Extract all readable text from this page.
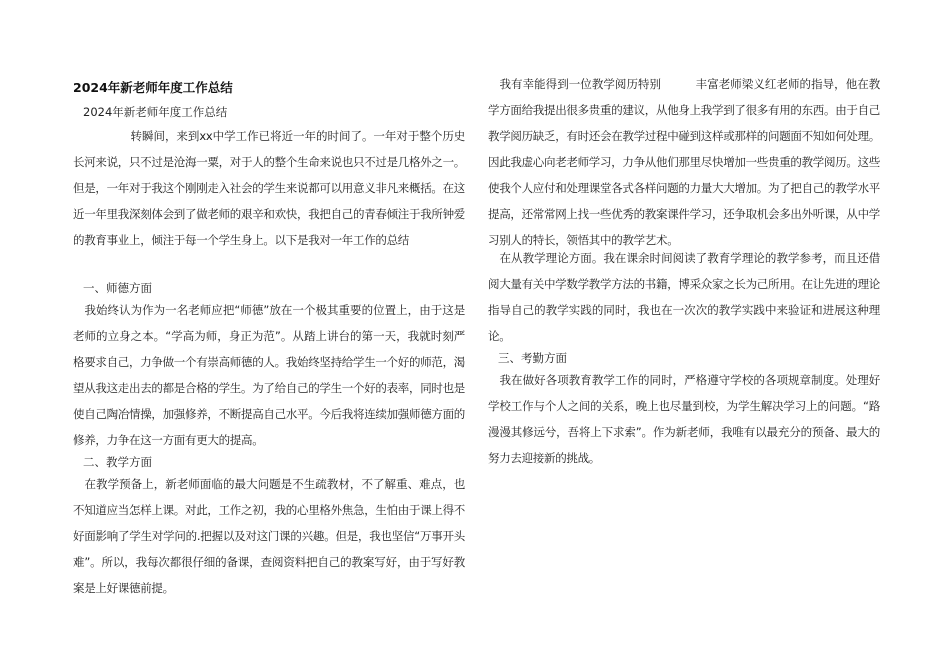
2024年新老师年度工作总结
2024年新老师年度工作总结

转瞬间，来到xx中学工作已将近一年的时间了。一年对于整个历史长河来说，只不过是沧海一粟，对于人的整个生命来说也只不过是几格外之一。但是，一年对于我这个刚刚走入社会的学生来说都可以用意义非凡来概括。在这近一年里我深刻体会到了做老师的艰辛和欢快，我把自己的青春倾注于我所钟爱的教育事业上，倾注于每一个学生身上。以下是我对一年工作的总结

一、师德方面

我始终认为作为一名老师应把“师德”放在一个极其重要的位置上，由于这是老师的立身之本。“学高为师，身正为范”。从踏上讲台的第一天，我就时刻严格要求自己，力争做一个有崇高师德的人。我始终坚持给学生一个好的师范，渴望从我这走出去的都是合格的学生。为了给自己的学生一个好的表率，同时也是使自己陶冶情操，加强修养，不断提高自己水平。今后我将连续加强师德方面的修养，力争在这一方面有更大的提高。

二、教学方面

在教学预备上，新老师面临的最大问题是不生疏教材，不了解重、难点，也不知道应当怎样上课。对此，工作之初，我的心里格外焦急，生怕由于课上得不好面影响了学生对学问的.把握以及对这门课的兴趣。但是，我也坚信“万事开头难”。所以，我每次都很仔细的备课，查阅资料把自己的教案写好，由于写好教案是上好课德前提。

我有幸能得到一位教学阅历特别　　　丰富老师梁义红老师的指导，他在教学方面给我提出很多贵重的建议，从他身上我学到了很多有用的东西。由于自己教学阅历缺乏，有时还会在教学过程中碰到这样或那样的问题面不知如何处理。因此我虚心向老老师学习，力争从他们那里尽快增加一些贵重的教学阅历。这些使我个人应付和处理课堂各式各样问题的力量大大增加。为了把自己的教学水平提高，还常常网上找一些优秀的教案课件学习，还争取机会多出外听课，从中学习别人的特长，领悟其中的教学艺术。

在从教学理论方面。我在课余时间阅读了教育学理论的教学参考，而且还借阅大量有关中学数学教学方法的书籍，博采众家之长为己所用。在让先进的理论指导自己的教学实践的同时，我也在一次次的教学实践中来验证和进展这种理论。

三、考勤方面

我在做好各项教育教学工作的同时，严格遵守学校的各项规章制度。处理好学校工作与个人之间的关系，晚上也尽量到校，为学生解决学习上的问题。“路漫漫其修远兮，吾将上下求索”。作为新老师，我唯有以最充分的预备、最大的努力去迎接新的挑战。
